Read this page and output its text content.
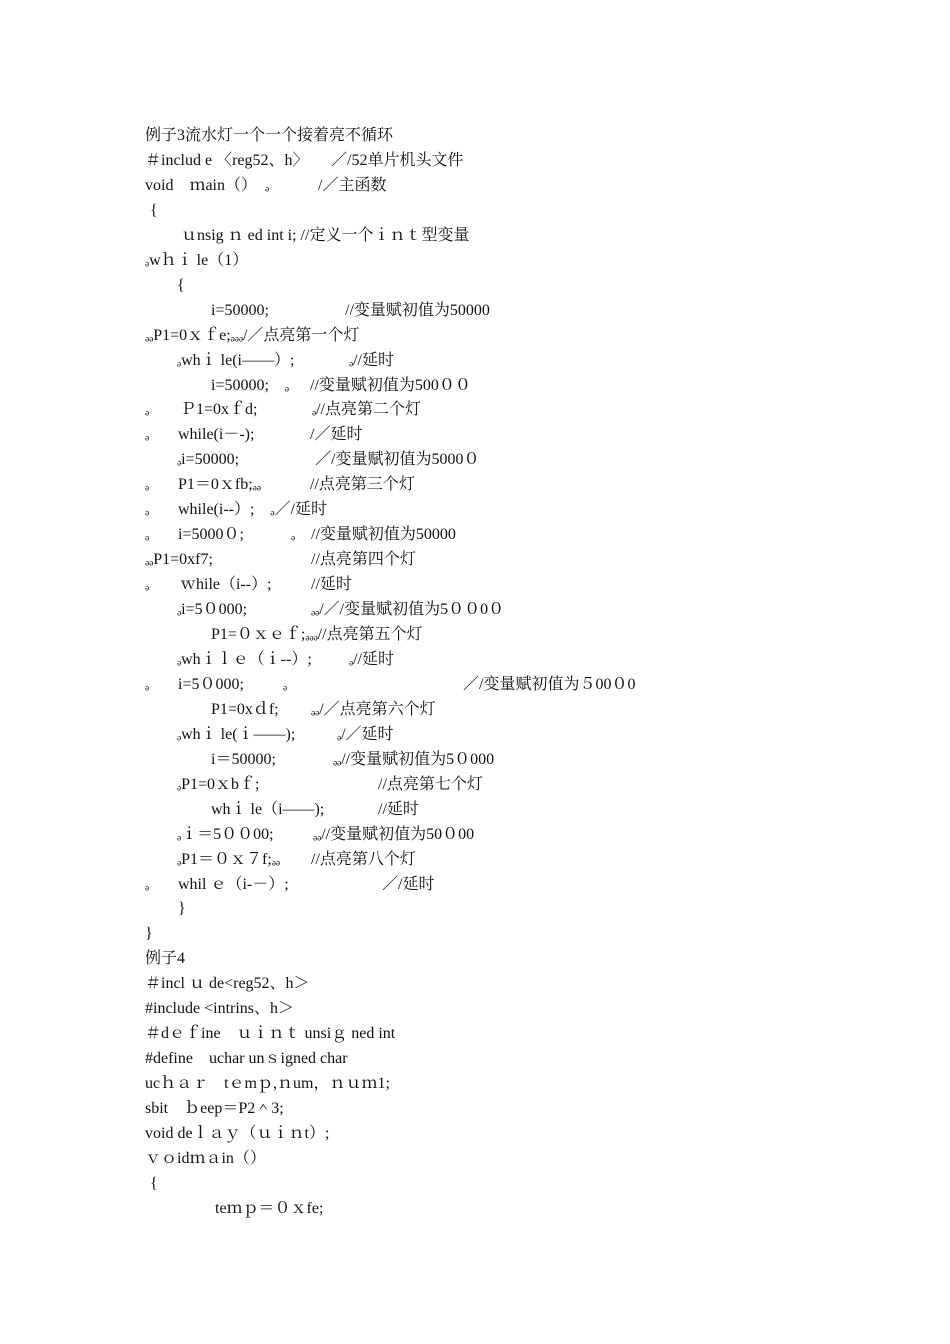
例子3流水灯一个一个接着亮不循环
＃includ e 〈reg52、h〉 ／/52单片机头文件
void　ｍain（）　ₔ	/／主函数
{
ｕnsig ｎ ed int i; //定义一个ｉｎｔ型变量
ₔwｈｉ le（1）
{
i=50000;	//变量赋初值为50000
ₔₔP1=0ｘｆe;ₔₔₔ/／点亮第一个灯
ₔwhｉ le(i——）;	ₔ//延时
i=50000;　ₔ //变量赋初值为500００
ₔ Ｐ1=0xｆd;	ₔ//点亮第二个灯
ₔ while(i－-);	/／延时
ₔi=50000;	／/变量赋初值为5000０
ₔ P1＝0ｘfb;ₔₔ	//点亮第三个灯
ₔ while(i--）;　ₔ／/延时
ₔ i=5000０;	ₔ //变量赋初值为50000
ₔₔP1=0xf7;	//点亮第四个灯
ₔ ｗhile（i--）; //延时
ₔi=5０000;	ₔₔ/／/变量赋初值为5００0０
P1=０ｘｅｆ;ₔₔₔ//点亮第五个灯
ₔwhｉｌｅ（ｉ--）; ₔ//延时
ₔ i=5０000; ₔ	／/变量赋初值为５00０0
P1=0xｄf; ₔₔ/／点亮第六个灯
ₔwhｉ le(ｉ——);	ₔ/／延时
i＝50000;	ₔₔ//变量赋初值为5０000
ₔP1=0ｘbｆ;	//点亮第七个灯
whｉ le（i——);	//延时
ₔｉ＝5００00; ₔₔ//变量赋初值为50０00
ₔP1＝０ｘ７f;ₔₔ //点亮第八个灯
ₔ whil ｅ（i-－）;	／/延时
}
}
例子4
＃incl ｕ de<reg52、h＞
#include <intrins、h＞
＃dｅｆine　ｕｉｎｔ unsiｇ ned int
#define　uchar unｓigned char
ucｈａｒ　tｅmｐ,ｎum，ｎｕｍ1;
sbit　ｂeep＝P2＾3;
void deｌａｙ（ｕｉｎt）;
ｖｏidｍａin（）
{
teｍｐ＝０ｘfe;
